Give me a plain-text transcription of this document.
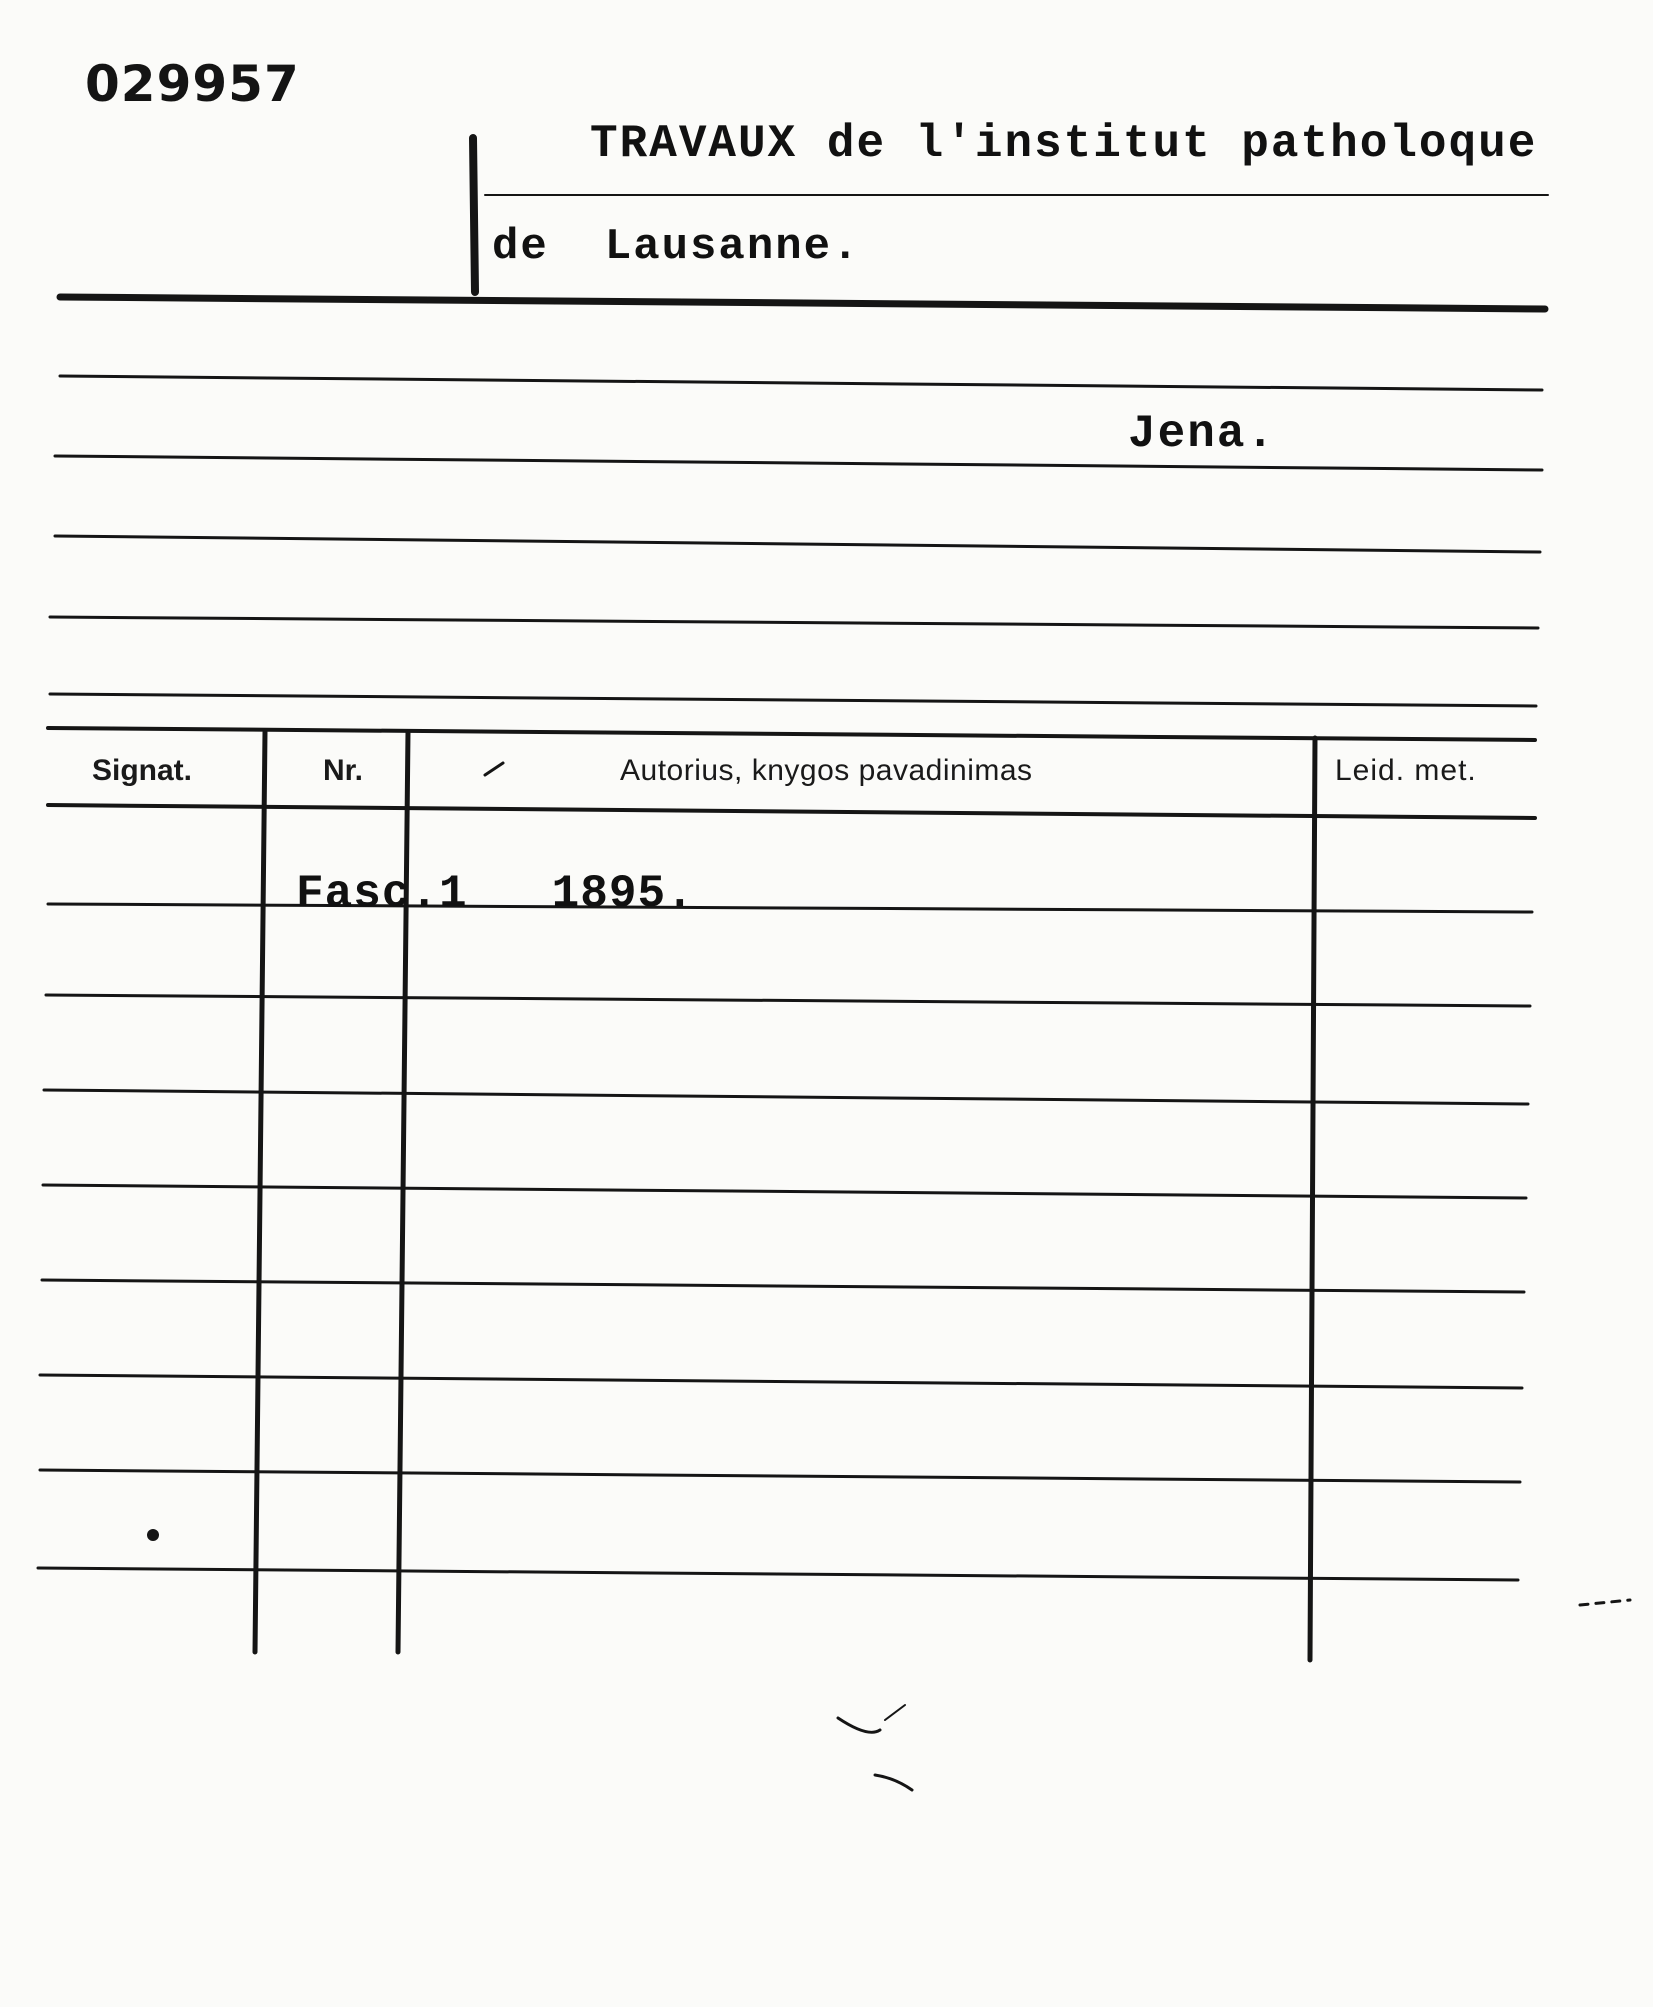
029957
TRAVAUX de l'institut patholoque
de Lausanne.
Jena.
Signat.	Nr.	Autorius, knygos pavadinimas	Leid. met.
Fasc.1 1895.
